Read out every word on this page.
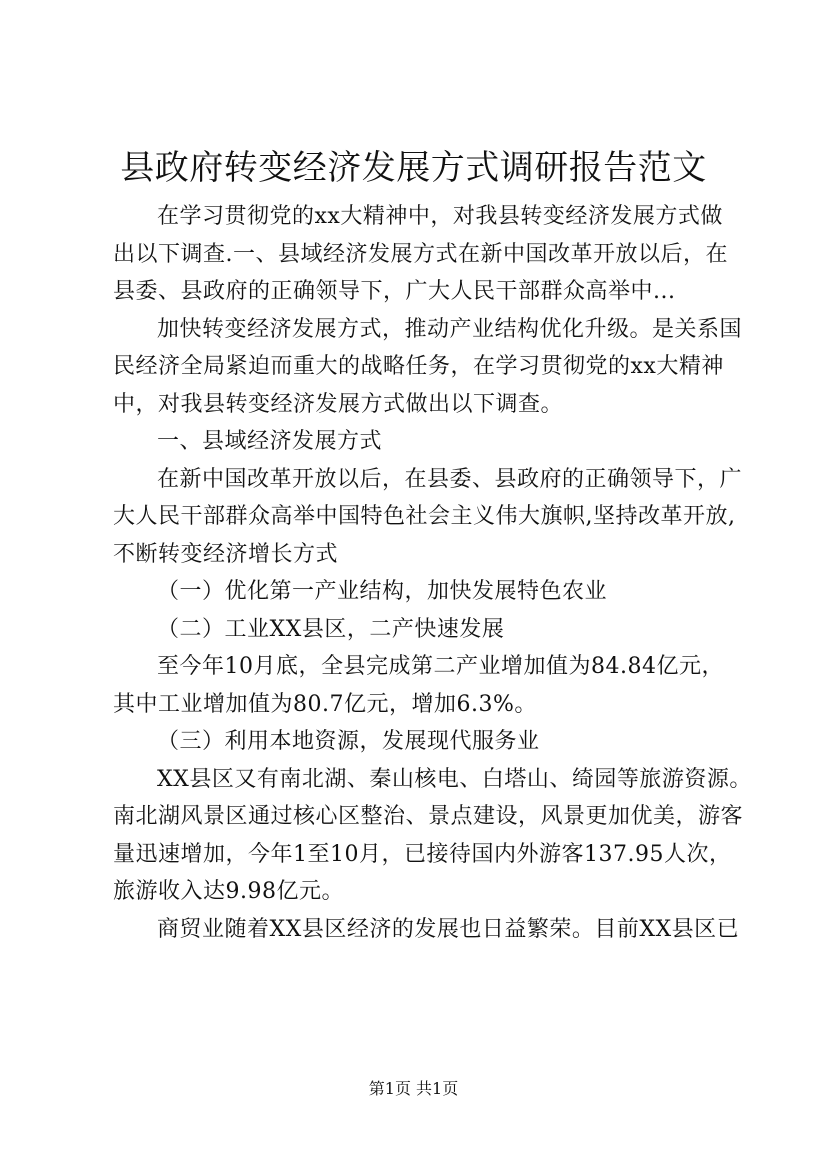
县政府转变经济发展方式调研报告范文
在学习贯彻党的xx大精神中，对我县转变经济发展方式做
出以下调查.一、县域经济发展方式在新中国改革开放以后，在
县委、县政府的正确领导下，广大人民干部群众高举中...
加快转变经济发展方式，推动产业结构优化升级。是关系国
民经济全局紧迫而重大的战略任务，在学习贯彻党的xx大精神
中，对我县转变经济发展方式做出以下调查。
一、县域经济发展方式
在新中国改革开放以后，在县委、县政府的正确领导下，广
大人民干部群众高举中国特色社会主义伟大旗帜,坚持改革开放,
不断转变经济增长方式
（一）优化第一产业结构，加快发展特色农业
（二）工业XX县区，二产快速发展
至今年10月底，全县完成第二产业增加值为84.84亿元，
其中工业增加值为80.7亿元，增加6.3%。
（三）利用本地资源，发展现代服务业
XX县区又有南北湖、秦山核电、白塔山、绮园等旅游资源。
南北湖风景区通过核心区整治、景点建设，风景更加优美，游客
量迅速增加，今年1至10月，已接待国内外游客137.95人次，
旅游收入达9.98亿元。
商贸业随着XX县区经济的发展也日益繁荣。目前XX县区已
第1页 共1页
